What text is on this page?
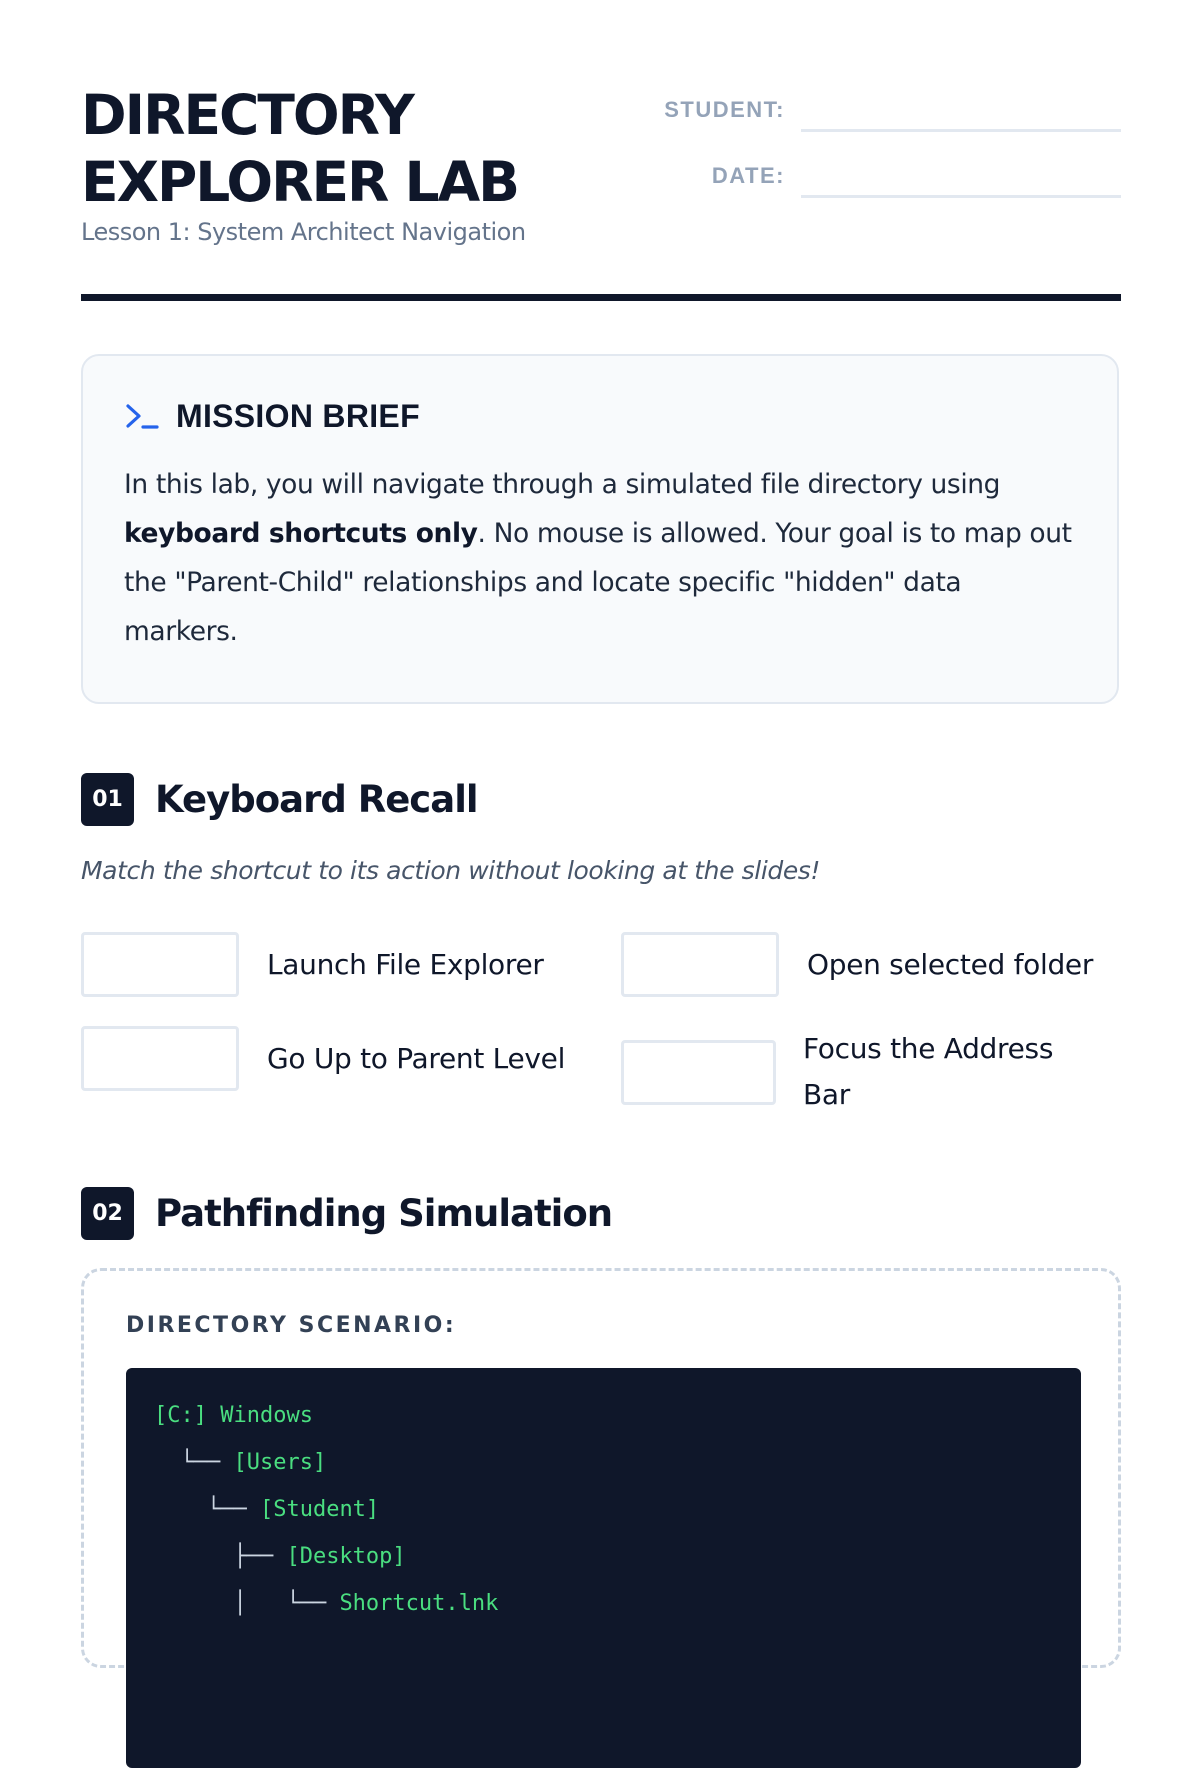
DIRECTORY
EXPLORER LAB
Lesson 1: System Architect Navigation
STUDENT:
DATE:
MISSION BRIEF

In this lab, you will navigate through a simulated file directory using keyboard shortcuts only. No mouse is allowed. Your goal is to map out the "Parent-Child" relationships and locate specific "hidden" data markers.

01 Keyboard Recall
Match the shortcut to its action without looking at the slides!
Launch File Explorer	Open selected folder
Go Up to Parent Level	Focus the Address Bar
02 Pathfinding Simulation
DIRECTORY SCENARIO:
[C:] Windows
└── [Users]
└── [Student]
├── [Desktop]
│   └── Shortcut.lnk
